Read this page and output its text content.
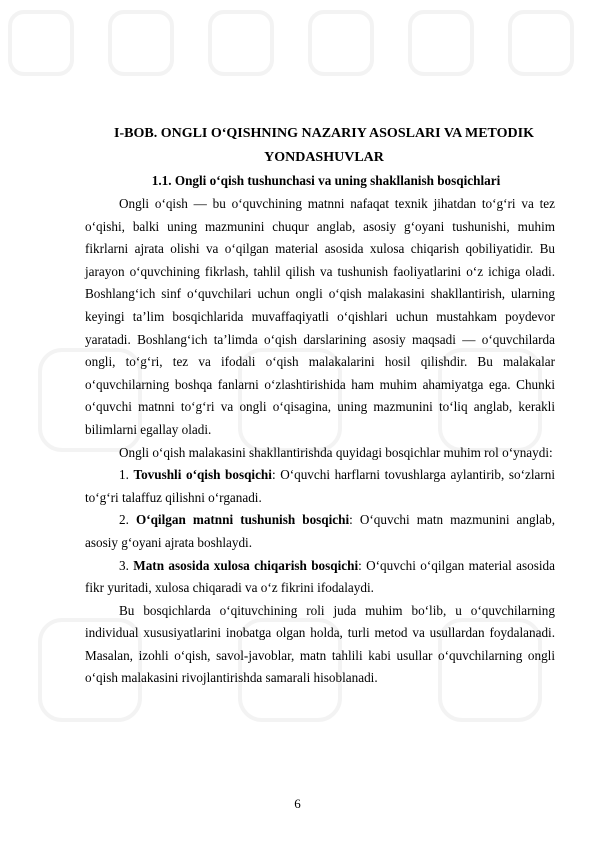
I-BOB. ONGLI O‘QISHNING NAZARIY ASOSLARI VA METODIK
YONDASHUVLAR
1.1. Ongli o‘qish tushunchasi va uning shakllanish bosqichlari

Ongli o‘qish — bu o‘quvchining matnni nafaqat texnik jihatdan to‘g‘ri va tez o‘qishi, balki uning mazmunini chuqur anglab, asosiy g‘oyani tushunishi, muhim fikrlarni ajrata olishi va o‘qilgan material asosida xulosa chiqarish qobiliyatidir. Bu jarayon o‘quvchining fikrlash, tahlil qilish va tushunish faoliyatlarini o‘z ichiga oladi. Boshlang‘ich sinf o‘quvchilari uchun ongli o‘qish malakasini shakllantirish, ularning keyingi ta’lim bosqichlarida muvaffaqiyatli o‘qishlari uchun mustahkam poydevor yaratadi. Boshlang‘ich ta’limda o‘qish darslarining asosiy maqsadi — o‘quvchilarda ongli, to‘g‘ri, tez va ifodali o‘qish malakalarini hosil qilishdir. Bu malakalar o‘quvchilarning boshqa fanlarni o‘zlashtirishida ham muhim ahamiyatga ega. Chunki o‘quvchi matnni to‘g‘ri va ongli o‘qisagina, uning mazmunini to‘liq anglab, kerakli bilimlarni egallay oladi.

Ongli o‘qish malakasini shakllantirishda quyidagi bosqichlar muhim rol o‘ynaydi:

1. Tovushli o‘qish bosqichi: O‘quvchi harflarni tovushlarga aylantirib, so‘zlarni to‘g‘ri talaffuz qilishni o‘rganadi.

2. O‘qilgan matnni tushunish bosqichi: O‘quvchi matn mazmunini anglab, asosiy g‘oyani ajrata boshlaydi.

3. Matn asosida xulosa chiqarish bosqichi: O‘quvchi o‘qilgan material asosida fikr yuritadi, xulosa chiqaradi va o‘z fikrini ifodalaydi.

Bu bosqichlarda o‘qituvchining roli juda muhim bo‘lib, u o‘quvchilarning individual xususiyatlarini inobatga olgan holda, turli metod va usullardan foydalanadi. Masalan, izohli o‘qish, savol-javoblar, matn tahlili kabi usullar o‘quvchilarning ongli o‘qish malakasini rivojlantirishda samarali hisoblanadi.

6
